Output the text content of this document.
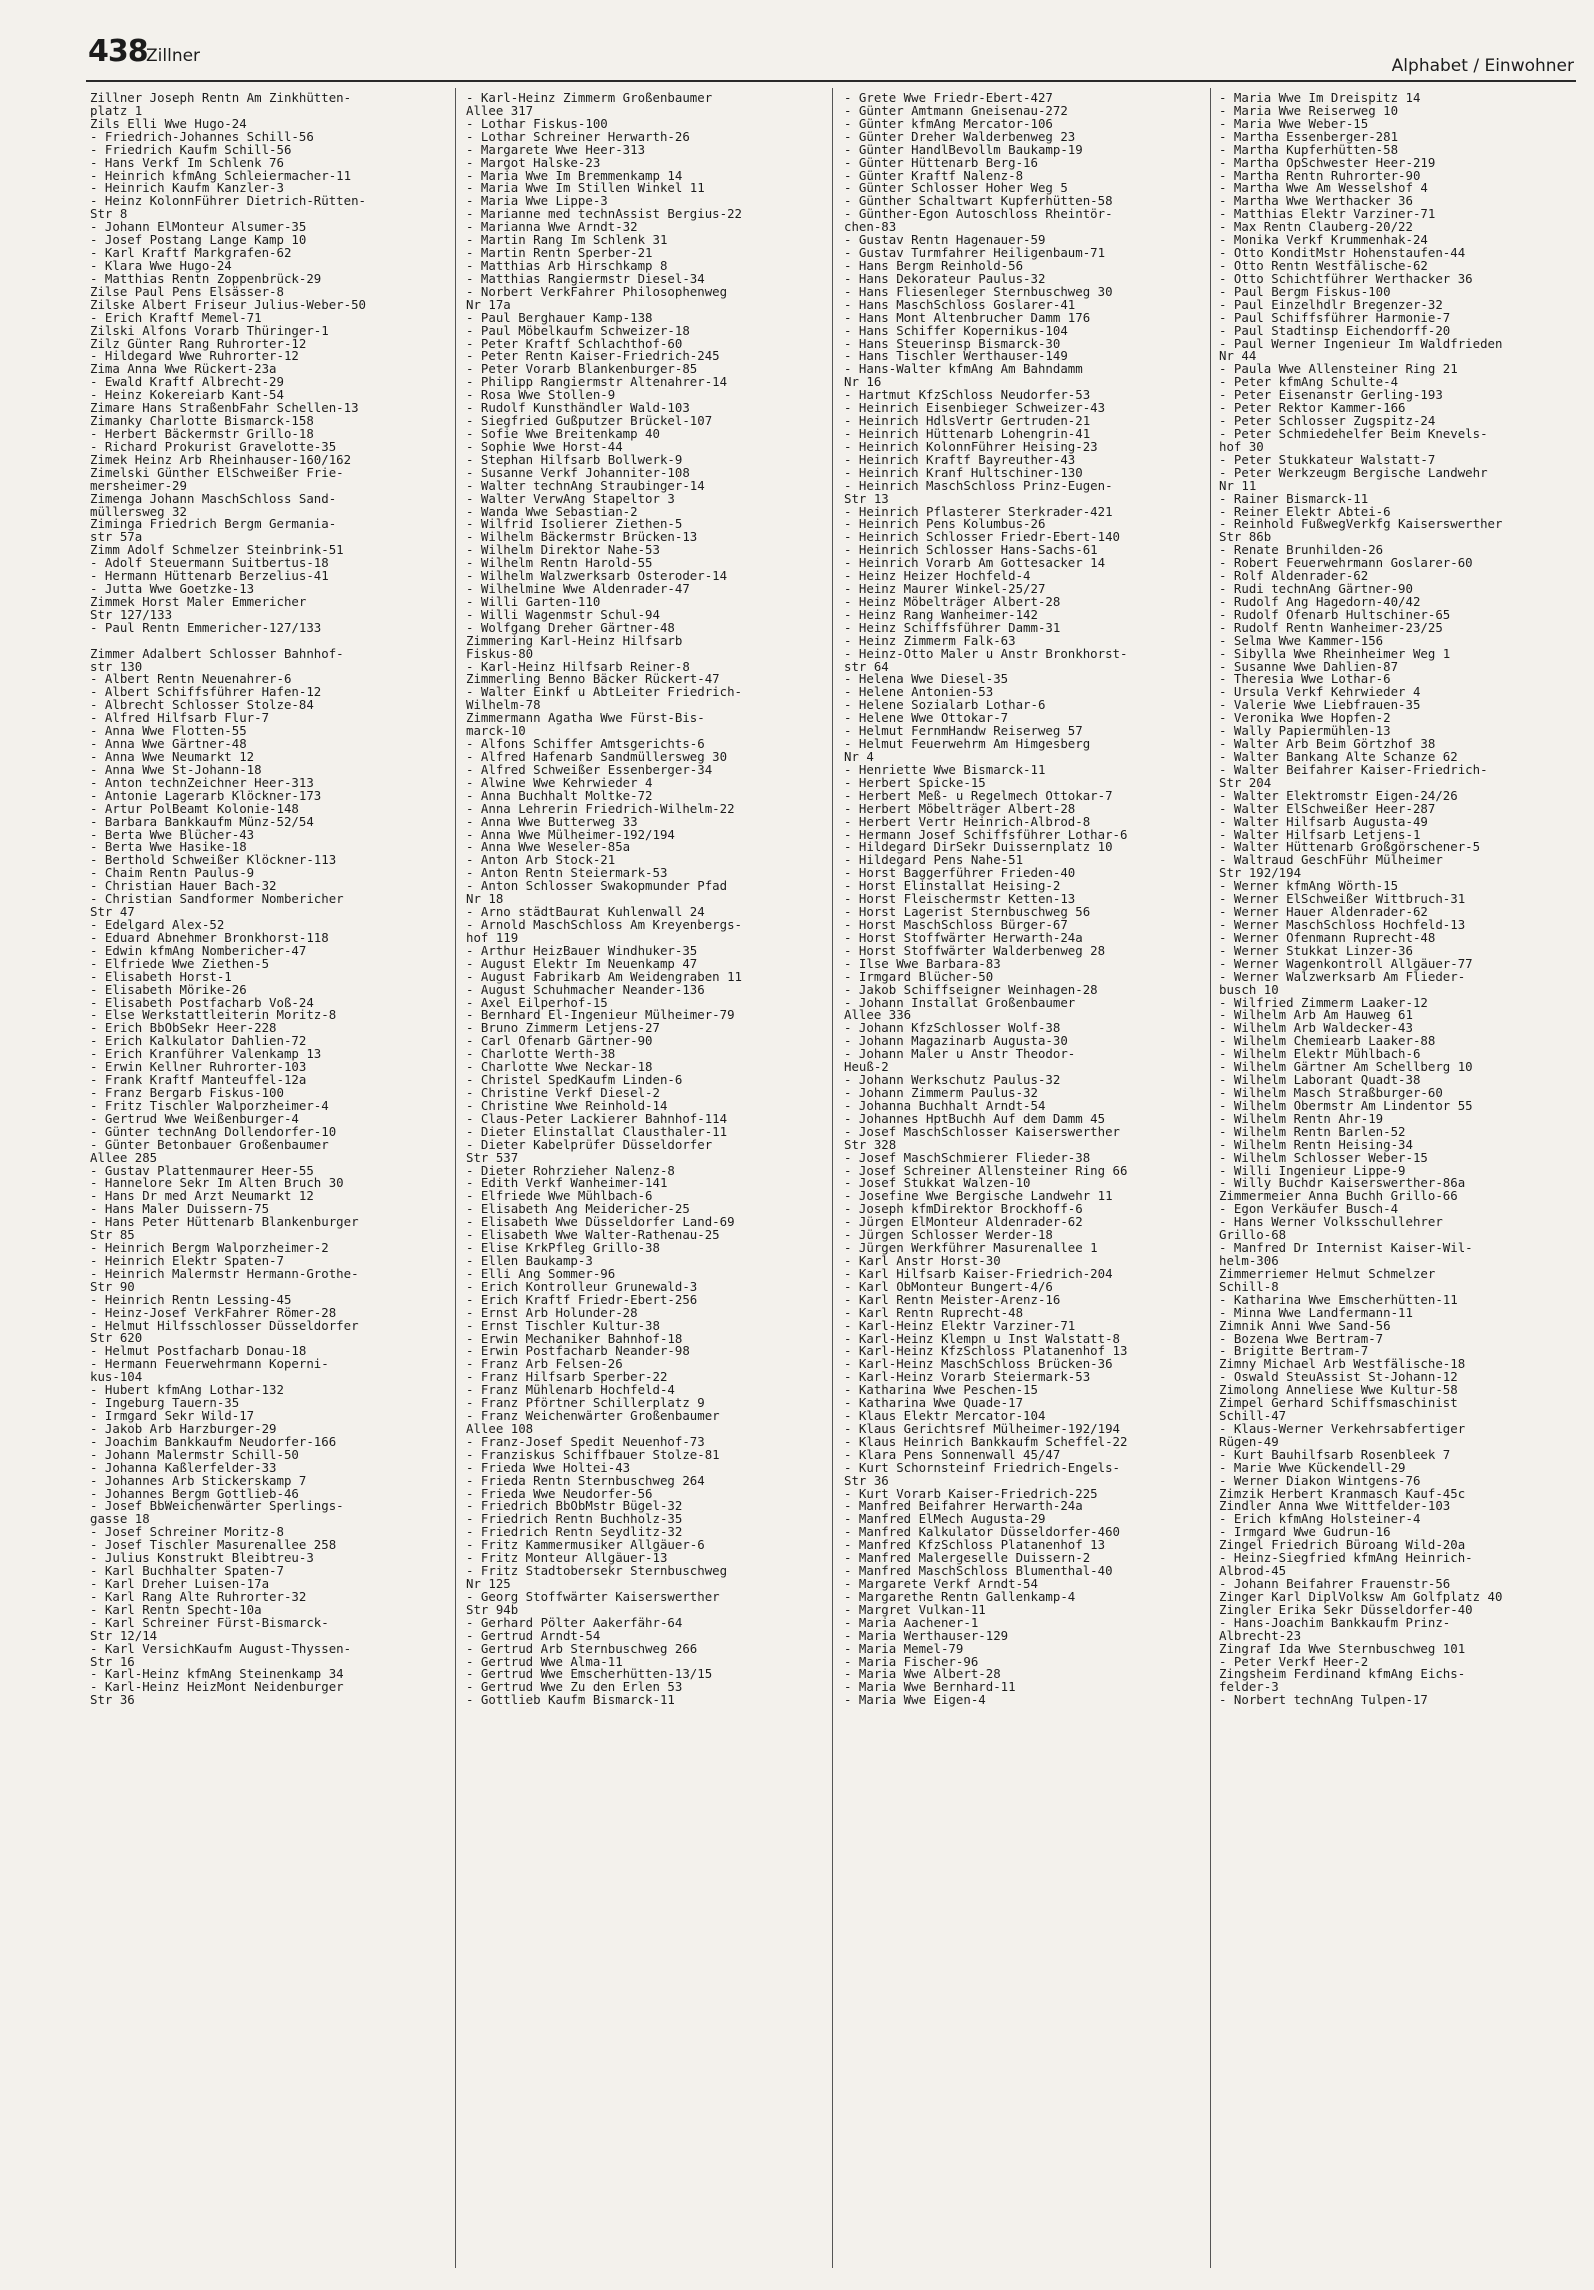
438
Zillner	Alphabet / Einwohner
Zillner Joseph Rentn Am Zinkhütten-
platz 1
Zils Elli Wwe Hugo-24
- Friedrich-Johannes Schill-56
- Friedrich Kaufm Schill-56
- Hans Verkf Im Schlenk 76
- Heinrich kfmAng Schleiermacher-11
- Heinrich Kaufm Kanzler-3
- Heinz KolonnFührer Dietrich-Rütten-
Str 8
- Johann ElMonteur Alsumer-35
- Josef Postang Lange Kamp 10
- Karl Kraftf Markgrafen-62
- Klara Wwe Hugo-24
- Matthias Rentn Zoppenbrück-29
Zilse Paul Pens Elsässer-8
Zilske Albert Friseur Julius-Weber-50
- Erich Kraftf Memel-71
Zilski Alfons Vorarb Thüringer-1
Zilz Günter Rang Ruhrorter-12
- Hildegard Wwe Ruhrorter-12
Zima Anna Wwe Rückert-23a
- Ewald Kraftf Albrecht-29
- Heinz Kokereiarb Kant-54
Zimare Hans StraßenbFahr Schellen-13
Zimanky Charlotte Bismarck-158
- Herbert Bäckermstr Grillo-18
- Richard Prokurist Gravelotte-35
Zimek Heinz Arb Rheinhauser-160/162
Zimelski Günther ElSchweißer Frie-
mersheimer-29
Zimenga Johann MaschSchloss Sand-
müllersweg 32
Ziminga Friedrich Bergm Germania-
str 57a
Zimm Adolf Schmelzer Steinbrink-51
- Adolf Steuermann Suitbertus-18
- Hermann Hüttenarb Berzelius-41
- Jutta Wwe Goetzke-13
Zimmek Horst Maler Emmericher
Str 127/133
- Paul Rentn Emmericher-127/133
Zimmer Adalbert Schlosser Bahnhof-
str 130
- Albert Rentn Neuenahrer-6
- Albert Schiffsführer Hafen-12
- Albrecht Schlosser Stolze-84
- Alfred Hilfsarb Flur-7
- Anna Wwe Flotten-55
- Anna Wwe Gärtner-48
- Anna Wwe Neumarkt 12
- Anna Wwe St-Johann-18
- Anton technZeichner Heer-313
- Antonie Lagerarb Klöckner-173
- Artur PolBeamt Kolonie-148
- Barbara Bankkaufm Münz-52/54
- Berta Wwe Blücher-43
- Berta Wwe Hasike-18
- Berthold Schweißer Klöckner-113
- Chaim Rentn Paulus-9
- Christian Hauer Bach-32
- Christian Sandformer Nombericher
Str 47
- Edelgard Alex-52
- Eduard Abnehmer Bronkhorst-118
- Edwin kfmAng Nombericher-47
- Elfriede Wwe Ziethen-5
- Elisabeth Horst-1
- Elisabeth Mörike-26
- Elisabeth Postfacharb Voß-24
- Else Werkstattleiterin Moritz-8
- Erich BbObSekr Heer-228
- Erich Kalkulator Dahlien-72
- Erich Kranführer Valenkamp 13
- Erwin Kellner Ruhrorter-103
- Frank Kraftf Manteuffel-12a
- Franz Bergarb Fiskus-100
- Fritz Tischler Walporzheimer-4
- Gertrud Wwe Weißenburger-4
- Günter technAng Dollendorfer-10
- Günter Betonbauer Großenbaumer
Allee 285
- Gustav Plattenmaurer Heer-55
- Hannelore Sekr Im Alten Bruch 30
- Hans Dr med Arzt Neumarkt 12
- Hans Maler Duissern-75
- Hans Peter Hüttenarb Blankenburger
Str 85
- Heinrich Bergm Walporzheimer-2
- Heinrich Elektr Spaten-7
- Heinrich Malermstr Hermann-Grothe-
Str 90
- Heinrich Rentn Lessing-45
- Heinz-Josef VerkFahrer Römer-28
- Helmut Hilfsschlosser Düsseldorfer
Str 620
- Helmut Postfacharb Donau-18
- Hermann Feuerwehrmann Koperni-
kus-104
- Hubert kfmAng Lothar-132
- Ingeburg Tauern-35
- Irmgard Sekr Wild-17
- Jakob Arb Harzburger-29
- Joachim Bankkaufm Neudorfer-166
- Johann Malermstr Schill-50
- Johanna Kaßlerfelder-33
- Johannes Arb Stickerskamp 7
- Johannes Bergm Gottlieb-46
- Josef BbWeichenwärter Sperlings-
gasse 18
- Josef Schreiner Moritz-8
- Josef Tischler Masurenallee 258
- Julius Konstrukt Bleibtreu-3
- Karl Buchhalter Spaten-7
- Karl Dreher Luisen-17a
- Karl Rang Alte Ruhrorter-32
- Karl Rentn Specht-10a
- Karl Schreiner Fürst-Bismarck-
Str 12/14
- Karl VersichKaufm August-Thyssen-
Str 16
- Karl-Heinz kfmAng Steinenkamp 34
- Karl-Heinz HeizMont Neidenburger
Str 36
- Karl-Heinz Zimmerm Großenbaumer
Allee 317
- Lothar Fiskus-100
- Lothar Schreiner Herwarth-26
- Margarete Wwe Heer-313
- Margot Halske-23
- Maria Wwe Im Bremmenkamp 14
- Maria Wwe Im Stillen Winkel 11
- Maria Wwe Lippe-3
- Marianne med technAssist Bergius-22
- Marianna Wwe Arndt-32
- Martin Rang Im Schlenk 31
- Martin Rentn Sperber-21
- Matthias Arb Hirschkamp 8
- Matthias Rangiermstr Diesel-34
- Norbert VerkFahrer Philosophenweg
Nr 17a
- Paul Berghauer Kamp-138
- Paul Möbelkaufm Schweizer-18
- Peter Kraftf Schlachthof-60
- Peter Rentn Kaiser-Friedrich-245
- Peter Vorarb Blankenburger-85
- Philipp Rangiermstr Altenahrer-14
- Rosa Wwe Stollen-9
- Rudolf Kunsthändler Wald-103
- Siegfried Gußputzer Brückel-107
- Sofie Wwe Breitenkamp 40
- Sophie Wwe Horst-44
- Stephan Hilfsarb Bollwerk-9
- Susanne Verkf Johanniter-108
- Walter technAng Straubinger-14
- Walter VerwAng Stapeltor 3
- Wanda Wwe Sebastian-2
- Wilfrid Isolierer Ziethen-5
- Wilhelm Bäckermstr Brücken-13
- Wilhelm Direktor Nahe-53
- Wilhelm Rentn Harold-55
- Wilhelm Walzwerksarb Osteroder-14
- Wilhelmine Wwe Aldenrader-47
- Willi Garten-110
- Willi Wagenmstr Schul-94
- Wolfgang Dreher Gärtner-48
Zimmering Karl-Heinz Hilfsarb
Fiskus-80
- Karl-Heinz Hilfsarb Reiner-8
Zimmerling Benno Bäcker Rückert-47
- Walter Einkf u AbtLeiter Friedrich-
Wilhelm-78
Zimmermann Agatha Wwe Fürst-Bis-
marck-10
- Alfons Schiffer Amtsgerichts-6
- Alfred Hafenarb Sandmüllersweg 30
- Alfred Schweißer Essenberger-34
- Alwine Wwe Kehrwieder 4
- Anna Buchhalt Moltke-72
- Anna Lehrerin Friedrich-Wilhelm-22
- Anna Wwe Butterweg 33
- Anna Wwe Mülheimer-192/194
- Anna Wwe Weseler-85a
- Anton Arb Stock-21
- Anton Rentn Steiermark-53
- Anton Schlosser Swakopmunder Pfad
Nr 18
- Arno städtBaurat Kuhlenwall 24
- Arnold MaschSchloss Am Kreyenbergs-
hof 119
- Arthur HeizBauer Windhuker-35
- August Elektr Im Neuenkamp 47
- August Fabrikarb Am Weidengraben 11
- August Schuhmacher Neander-136
- Axel Eilperhof-15
- Bernhard El-Ingenieur Mülheimer-79
- Bruno Zimmerm Letjens-27
- Carl Ofenarb Gärtner-90
- Charlotte Werth-38
- Charlotte Wwe Neckar-18
- Christel SpedKaufm Linden-6
- Christine Verkf Diesel-2
- Christine Wwe Reinhold-14
- Claus-Peter Lackierer Bahnhof-114
- Dieter Elinstallat Clausthaler-11
- Dieter Kabelprüfer Düsseldorfer
Str 537
- Dieter Rohrzieher Nalenz-8
- Edith Verkf Wanheimer-141
- Elfriede Wwe Mühlbach-6
- Elisabeth Ang Meidericher-25
- Elisabeth Wwe Düsseldorfer Land-69
- Elisabeth Wwe Walter-Rathenau-25
- Elise KrkPfleg Grillo-38
- Ellen Baukamp-3
- Elli Ang Sommer-96
- Erich Kontrolleur Grunewald-3
- Erich Kraftf Friedr-Ebert-256
- Ernst Arb Holunder-28
- Ernst Tischler Kultur-38
- Erwin Mechaniker Bahnhof-18
- Erwin Postfacharb Neander-98
- Franz Arb Felsen-26
- Franz Hilfsarb Sperber-22
- Franz Mühlenarb Hochfeld-4
- Franz Pförtner Schillerplatz 9
- Franz Weichenwärter Großenbaumer
Allee 108
- Franz-Josef Spedit Neuenhof-73
- Franziskus Schiffbauer Stolze-81
- Frieda Wwe Holtei-43
- Frieda Rentn Sternbuschweg 264
- Frieda Wwe Neudorfer-56
- Friedrich BbObMstr Bügel-32
- Friedrich Rentn Buchholz-35
- Friedrich Rentn Seydlitz-32
- Fritz Kammermusiker Allgäuer-6
- Fritz Monteur Allgäuer-13
- Fritz Stadtobersekr Sternbuschweg
Nr 125
- Georg Stoffwärter Kaiserswerther
Str 94b
- Gerhard Pölter Aakerfähr-64
- Gertrud Arndt-54
- Gertrud Arb Sternbuschweg 266
- Gertrud Wwe Alma-11
- Gertrud Wwe Emscherhütten-13/15
- Gertrud Wwe Zu den Erlen 53
- Gottlieb Kaufm Bismarck-11
- Grete Wwe Friedr-Ebert-427
- Günter Amtmann Gneisenau-272
- Günter kfmAng Mercator-106
- Günter Dreher Walderbenweg 23
- Günter HandlBevollm Baukamp-19
- Günter Hüttenarb Berg-16
- Günter Kraftf Nalenz-8
- Günter Schlosser Hoher Weg 5
- Günther Schaltwart Kupferhütten-58
- Günther-Egon Autoschloss Rheintör-
chen-83
- Gustav Rentn Hagenauer-59
- Gustav Turmfahrer Heiligenbaum-71
- Hans Bergm Reinhold-56
- Hans Dekorateur Paulus-32
- Hans Fliesenleger Sternbuschweg 30
- Hans MaschSchloss Goslarer-41
- Hans Mont Altenbrucher Damm 176
- Hans Schiffer Kopernikus-104
- Hans Steuerinsp Bismarck-30
- Hans Tischler Werthauser-149
- Hans-Walter kfmAng Am Bahndamm
Nr 16
- Hartmut KfzSchloss Neudorfer-53
- Heinrich Eisenbieger Schweizer-43
- Heinrich HdlsVertr Gertruden-21
- Heinrich Hüttenarb Lohengrin-41
- Heinrich KolonnFührer Heising-23
- Heinrich Kraftf Bayreuther-43
- Heinrich Kranf Hultschiner-130
- Heinrich MaschSchloss Prinz-Eugen-
Str 13
- Heinrich Pflasterer Sterkrader-421
- Heinrich Pens Kolumbus-26
- Heinrich Schlosser Friedr-Ebert-140
- Heinrich Schlosser Hans-Sachs-61
- Heinrich Vorarb Am Gottesacker 14
- Heinz Heizer Hochfeld-4
- Heinz Maurer Winkel-25/27
- Heinz Möbelträger Albert-28
- Heinz Rang Wanheimer-142
- Heinz Schiffsführer Damm-31
- Heinz Zimmerm Falk-63
- Heinz-Otto Maler u Anstr Bronkhorst-
str 64
- Helena Wwe Diesel-35
- Helene Antonien-53
- Helene Sozialarb Lothar-6
- Helene Wwe Ottokar-7
- Helmut FernmHandw Reiserweg 57
- Helmut Feuerwehrm Am Himgesberg
Nr 4
- Henriette Wwe Bismarck-11
- Herbert Spicke-15
- Herbert Meß- u Regelmech Ottokar-7
- Herbert Möbelträger Albert-28
- Herbert Vertr Heinrich-Albrod-8
- Hermann Josef Schiffsführer Lothar-6
- Hildegard DirSekr Duissernplatz 10
- Hildegard Pens Nahe-51
- Horst Baggerführer Frieden-40
- Horst Elinstallat Heising-2
- Horst Fleischermstr Ketten-13
- Horst Lagerist Sternbuschweg 56
- Horst MaschSchloss Bürger-67
- Horst Stoffwärter Herwarth-24a
- Horst Stoffwärter Walderbenweg 28
- Ilse Wwe Barbara-83
- Irmgard Blücher-50
- Jakob Schiffseigner Weinhagen-28
- Johann Installat Großenbaumer
Allee 336
- Johann KfzSchlosser Wolf-38
- Johann Magazinarb Augusta-30
- Johann Maler u Anstr Theodor-
Heuß-2
- Johann Werkschutz Paulus-32
- Johann Zimmerm Paulus-32
- Johanna Buchhalt Arndt-54
- Johannes HptBuchh Auf dem Damm 45
- Josef MaschSchlosser Kaiserswerther
Str 328
- Josef MaschSchmierer Flieder-38
- Josef Schreiner Allensteiner Ring 66
- Josef Stukkat Walzen-10
- Josefine Wwe Bergische Landwehr 11
- Joseph kfmDirektor Brockhoff-6
- Jürgen ElMonteur Aldenrader-62
- Jürgen Schlosser Werder-18
- Jürgen Werkführer Masurenallee 1
- Karl Anstr Horst-30
- Karl Hilfsarb Kaiser-Friedrich-204
- Karl ObMonteur Bungert-4/6
- Karl Rentn Meister-Arenz-16
- Karl Rentn Ruprecht-48
- Karl-Heinz Elektr Varziner-71
- Karl-Heinz Klempn u Inst Walstatt-8
- Karl-Heinz KfzSchloss Platanenhof 13
- Karl-Heinz MaschSchloss Brücken-36
- Karl-Heinz Vorarb Steiermark-53
- Katharina Wwe Peschen-15
- Katharina Wwe Quade-17
- Klaus Elektr Mercator-104
- Klaus Gerichtsref Mülheimer-192/194
- Klaus Heinrich Bankkaufm Scheffel-22
- Klara Pens Sonnenwall 45/47
- Kurt Schornsteinf Friedrich-Engels-
Str 36
- Kurt Vorarb Kaiser-Friedrich-225
- Manfred Beifahrer Herwarth-24a
- Manfred ElMech Augusta-29
- Manfred Kalkulator Düsseldorfer-460
- Manfred KfzSchloss Platanenhof 13
- Manfred Malergeselle Duissern-2
- Manfred MaschSchloss Blumenthal-40
- Margarete Verkf Arndt-54
- Margarethe Rentn Gallenkamp-4
- Margret Vulkan-11
- Maria Aachener-1
- Maria Werthauser-129
- Maria Memel-79
- Maria Fischer-96
- Maria Wwe Albert-28
- Maria Wwe Bernhard-11
- Maria Wwe Eigen-4
- Maria Wwe Im Dreispitz 14
- Maria Wwe Reiserweg 10
- Maria Wwe Weber-15
- Martha Essenberger-281
- Martha Kupferhütten-58
- Martha OpSchwester Heer-219
- Martha Rentn Ruhrorter-90
- Martha Wwe Am Wesselshof 4
- Martha Wwe Werthacker 36
- Matthias Elektr Varziner-71
- Max Rentn Clauberg-20/22
- Monika Verkf Krummenhak-24
- Otto KonditMstr Hohenstaufen-44
- Otto Rentn Westfälische-62
- Otto Schichtführer Werthacker 36
- Paul Bergm Fiskus-100
- Paul Einzelhdlr Bregenzer-32
- Paul Schiffsführer Harmonie-7
- Paul Stadtinsp Eichendorff-20
- Paul Werner Ingenieur Im Waldfrieden
Nr 44
- Paula Wwe Allensteiner Ring 21
- Peter kfmAng Schulte-4
- Peter Eisenanstr Gerling-193
- Peter Rektor Kammer-166
- Peter Schlosser Zugspitz-24
- Peter Schmiedehelfer Beim Knevels-
hof 30
- Peter Stukkateur Walstatt-7
- Peter Werkzeugm Bergische Landwehr
Nr 11
- Rainer Bismarck-11
- Reiner Elektr Abtei-6
- Reinhold FußwegVerkfg Kaiserswerther
Str 86b
- Renate Brunhilden-26
- Robert Feuerwehrmann Goslarer-60
- Rolf Aldenrader-62
- Rudi technAng Gärtner-90
- Rudolf Ang Hagedorn-40/42
- Rudolf Ofenarb Hultschiner-65
- Rudolf Rentn Wanheimer-23/25
- Selma Wwe Kammer-156
- Sibylla Wwe Rheinheimer Weg 1
- Susanne Wwe Dahlien-87
- Theresia Wwe Lothar-6
- Ursula Verkf Kehrwieder 4
- Valerie Wwe Liebfrauen-35
- Veronika Wwe Hopfen-2
- Wally Papiermühlen-13
- Walter Arb Beim Görtzhof 38
- Walter Bankang Alte Schanze 62
- Walter Beifahrer Kaiser-Friedrich-
Str 204
- Walter Elektromstr Eigen-24/26
- Walter ElSchweißer Heer-287
- Walter Hilfsarb Augusta-49
- Walter Hilfsarb Letjens-1
- Walter Hüttenarb Großgörschener-5
- Waltraud GeschFühr Mülheimer
Str 192/194
- Werner kfmAng Wörth-15
- Werner ElSchweißer Wittbruch-31
- Werner Hauer Aldenrader-62
- Werner MaschSchloss Hochfeld-13
- Werner Ofenmann Ruprecht-48
- Werner Stukkat Linzer-36
- Werner Wagenkontroll Allgäuer-77
- Werner Walzwerksarb Am Flieder-
busch 10
- Wilfried Zimmerm Laaker-12
- Wilhelm Arb Am Hauweg 61
- Wilhelm Arb Waldecker-43
- Wilhelm Chemiearb Laaker-88
- Wilhelm Elektr Mühlbach-6
- Wilhelm Gärtner Am Schellberg 10
- Wilhelm Laborant Quadt-38
- Wilhelm Masch Straßburger-60
- Wilhelm Obermstr Am Lindentor 55
- Wilhelm Rentn Ahr-19
- Wilhelm Rentn Barlen-52
- Wilhelm Rentn Heising-34
- Wilhelm Schlosser Weber-15
- Willi Ingenieur Lippe-9
- Willy Buchdr Kaiserswerther-86a
Zimmermeier Anna Buchh Grillo-66
- Egon Verkäufer Busch-4
- Hans Werner Volksschullehrer
Grillo-68
- Manfred Dr Internist Kaiser-Wil-
helm-306
Zimmerriemer Helmut Schmelzer
Schill-8
- Katharina Wwe Emscherhütten-11
- Minna Wwe Landfermann-11
Zimnik Anni Wwe Sand-56
- Bozena Wwe Bertram-7
- Brigitte Bertram-7
Zimny Michael Arb Westfälische-18
- Oswald SteuAssist St-Johann-12
Zimolong Anneliese Wwe Kultur-58
Zimpel Gerhard Schiffsmaschinist
Schill-47
- Klaus-Werner Verkehrsabfertiger
Rügen-49
- Kurt Bauhilfsarb Rosenbleek 7
- Marie Wwe Kückendell-29
- Werner Diakon Wintgens-76
Zimzik Herbert Kranmasch Kauf-45c
Zindler Anna Wwe Wittfelder-103
- Erich kfmAng Holsteiner-4
- Irmgard Wwe Gudrun-16
Zingel Friedrich Büroang Wild-20a
- Heinz-Siegfried kfmAng Heinrich-
Albrod-45
- Johann Beifahrer Frauenstr-56
Zinger Karl DiplVolksw Am Golfplatz 40
Zingler Erika Sekr Düsseldorfer-40
- Hans-Joachim Bankkaufm Prinz-
Albrecht-23
Zingraf Ida Wwe Sternbuschweg 101
- Peter Verkf Heer-2
Zingsheim Ferdinand kfmAng Eichs-
felder-3
- Norbert technAng Tulpen-17
